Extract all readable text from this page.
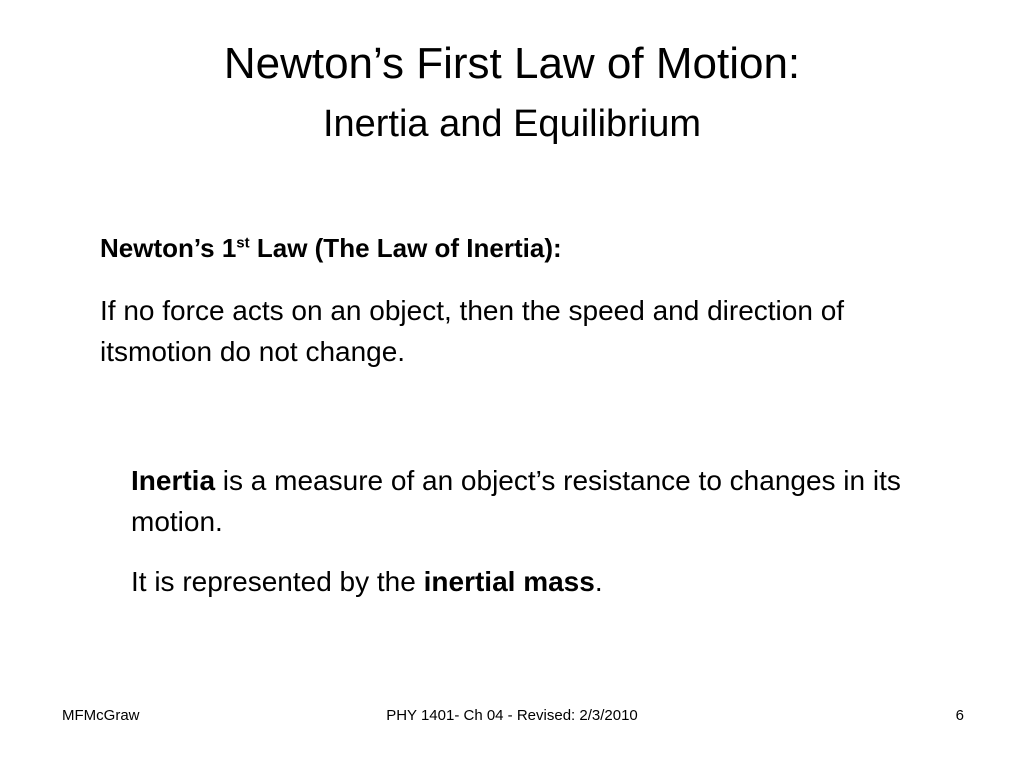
Newton’s First Law of Motion:
Inertia and Equilibrium
Newton’s 1st Law (The Law of Inertia):
If no force acts on an object, then the speed and direction of itsmotion do not change.
Inertia is a measure of an object’s resistance to changes in its motion.
It is represented by the inertial mass.
MFMcGraw	PHY 1401- Ch 04 - Revised: 2/3/2010	6
